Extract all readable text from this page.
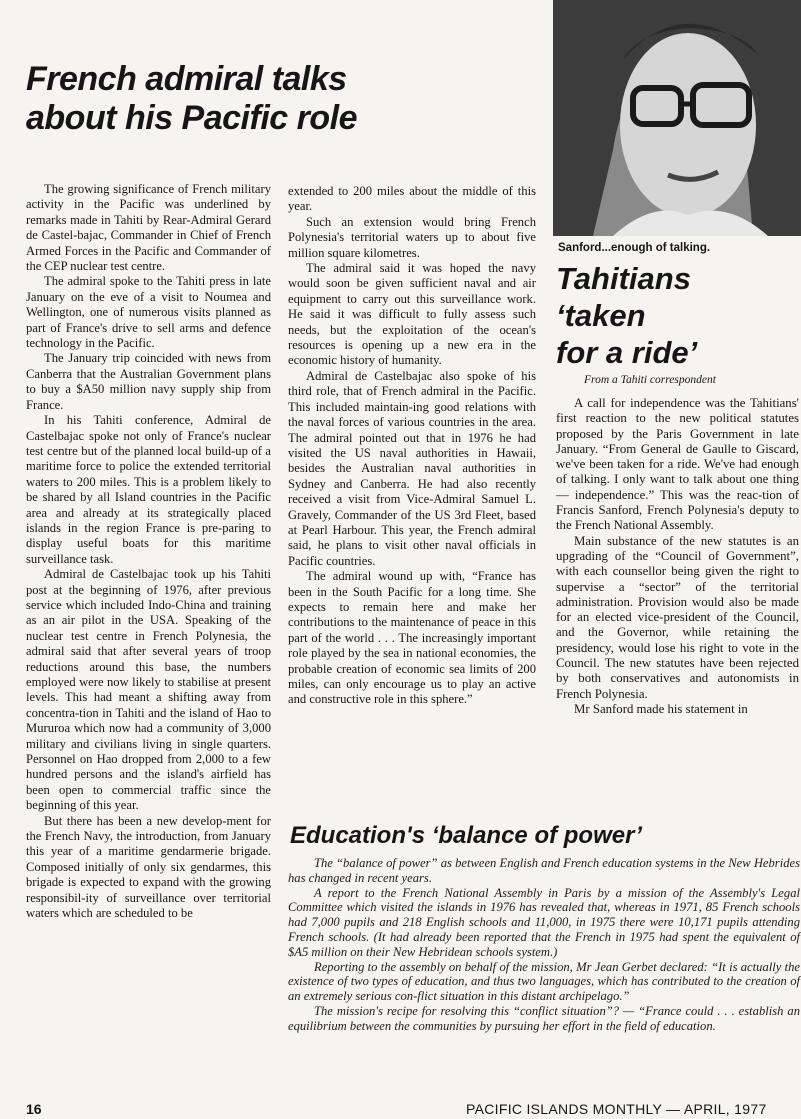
French admiral talks
about his Pacific role

The growing significance of French military activity in the Pacific was underlined by remarks made in Tahiti by Rear-Admiral Gerard de Castel-bajac, Commander in Chief of French Armed Forces in the Pacific and Commander of the CEP nuclear test centre.

The admiral spoke to the Tahiti press in late January on the eve of a visit to Noumea and Wellington, one of numerous visits planned as part of France's drive to sell arms and defence technology in the Pacific.

The January trip coincided with news from Canberra that the Australian Government plans to buy a $A50 million navy supply ship from France.

In his Tahiti conference, Admiral de Castelbajac spoke not only of France's nuclear test centre but of the planned local build-up of a maritime force to police the extended territorial waters to 200 miles. This is a problem likely to be shared by all Island countries in the Pacific area and already at its strategically placed islands in the region France is pre-paring to display useful boats for this maritime surveillance task.

Admiral de Castelbajac took up his Tahiti post at the beginning of 1976, after previous service which included Indo-China and training as an air pilot in the USA. Speaking of the nuclear test centre in French Polynesia, the admiral said that after several years of troop reductions around this base, the numbers employed were now likely to stabilise at present levels. This had meant a shifting away from concentra-tion in Tahiti and the island of Hao to Mururoa which now had a community of 3,000 military and civilians living in single quarters. Personnel on Hao dropped from 2,000 to a few hundred persons and the island's airfield has been open to commercial traffic since the beginning of this year.

But there has been a new develop-ment for the French Navy, the introduction, from January this year of a maritime gendarmerie brigade. Composed initially of only six gendarmes, this brigade is expected to expand with the growing responsibil-ity of surveillance over territorial waters which are scheduled to be

extended to 200 miles about the middle of this year.

Such an extension would bring French Polynesia's territorial waters up to about five million square kilometres.

The admiral said it was hoped the navy would soon be given sufficient naval and air equipment to carry out this surveillance work. He said it was difficult to fully assess such needs, but the exploitation of the ocean's resources is opening up a new era in the economic history of humanity.

Admiral de Castelbajac also spoke of his third role, that of French admiral in the Pacific. This included maintain-ing good relations with the naval forces of various countries in the area. The admiral pointed out that in 1976 he had visited the US naval authorities in Hawaii, besides the Australian naval authorities in Sydney and Canberra. He had also recently received a visit from Vice-Admiral Samuel L. Gravely, Commander of the US 3rd Fleet, based at Pearl Harbour. This year, the French admiral said, he plans to visit other naval officials in Pacific countries.

The admiral wound up with, “France has been in the South Pacific for a long time. She expects to remain here and make her contributions to the maintenance of peace in this part of the world . . . The increasingly important role played by the sea in national economies, the probable creation of economic sea limits of 200 miles, can only encourage us to play an active and constructive role in this sphere.”

Sanford...enough of talking.
Tahitians
‘taken
for a ride’
From a Tahiti correspondent

A call for independence was the Tahitians' first reaction to the new political statutes proposed by the Paris Government in late January. “From General de Gaulle to Giscard, we've been taken for a ride. We've had enough of talking. I only want to talk about one thing — independence.” This was the reac-tion of Francis Sanford, French Polynesia's deputy to the French National Assembly.

Main substance of the new statutes is an upgrading of the “Council of Government”, with each counsellor being given the right to supervise a “sector” of the territorial administration. Provision would also be made for an elected vice-president of the Council, and the Governor, while retaining the presidency, would lose his right to vote in the Council. The new statutes have been rejected by both conservatives and autonomists in French Polynesia.

Mr Sanford made his statement in

Education's ‘balance of power’

The “balance of power” as between English and French education systems in the New Hebrides has changed in recent years.

A report to the French National Assembly in Paris by a mission of the Assembly's Legal Committee which visited the islands in 1976 has revealed that, whereas in 1971, 85 French schools had 7,000 pupils and 218 English schools and 11,000, in 1975 there were 10,171 pupils attending French schools. (It had already been reported that the French in 1975 had spent the equivalent of $A5 million on their New Hebridean schools system.)

Reporting to the assembly on behalf of the mission, Mr Jean Gerbet declared: “It is actually the existence of two types of education, and thus two languages, which has contributed to the creation of an extremely serious con-flict situation in this distant archipelago.”

The mission's recipe for resolving this “conflict situation”? — “France could . . . establish an equilibrium between the communities by pursuing her effort in the field of education.

16	PACIFIC ISLANDS MONTHLY — APRIL, 1977
